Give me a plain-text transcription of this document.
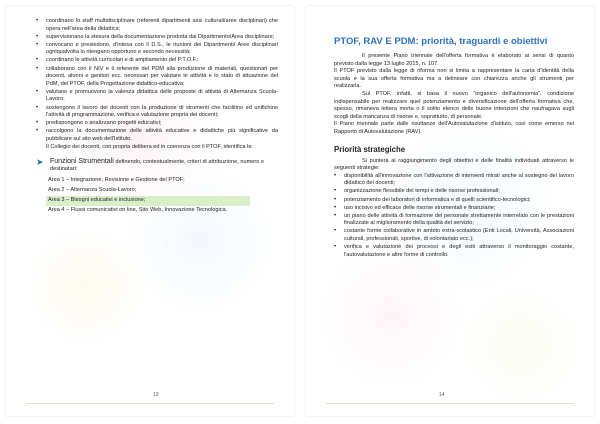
• coordinano lo staff multidisciplinare (referenti dipartimenti assi culturali/aree disciplinari) che opera nell'area della didattica;
• supervisionano la stesura della documentazione prodotta dai Dipartimento/Area disciplinare;
• convocano e presiedono, d'intesa con il D.S., le riunioni dei Dipartimenti/ Aree disciplinari ogniqualvolta lo ritengano opportuno e secondo necessità;
• coordinano le attività curricolari e di ampliamento del P.T.O.F.;
• collaborano con il NIV e il referente del PDM alla produzione di materiali, questionari per docenti, alunni e genitori ecc. necessari per valutare le attività e lo stato di attuazione del PdM, del PTOF, della Progettazione didattico-educativa;
• valutano e promuovono la valenza didattica delle proposte di attività di Alternanza Scuola-Lavoro;
• sostengono il lavoro dei docenti con la produzione di strumenti che facilitino ed unifichino l'attività di programmazione, verifica e valutazione propria dei docenti;
• predispongono o analizzano progetti educativi;
• raccolgono la documentazione delle attività educative e didattiche più significative da pubblicare sul sito web dell'Istituto.

Il Collegio dei docenti, con propria delibera ed in coerenza con il PTOF, identifica le:

➤ Funzioni Strumentali definendo, contestualmente, criteri di attribuzione, numero e destinatari:
Area 1 – Integrazione, Revisione e Gestione del PTOF;
Area 2 – Alternanza Scuola-Lavoro;
Area 3 – Bisogni educativi e inclusione;
Area 4 – Flussi comunicativi on line, Sito Web, Innovazione Tecnologica.
13
PTOF, RAV E PDM: priorità, traguardi e obiettivi

Il presente Piano triennale dell'offerta formativa è elaborato ai sensi di quanto previsto dalla legge 13 luglio 2015, n. 107.

Il PTOF previsto dalla legge di riforma non si limita a rappresentare la carta d'identità della scuola e la sua offerta formativa ma a delineare con chiarezza anche gli strumenti per realizzarla.

Sul PTOF, infatti, si basa il nuovo "organico dell'autonomia", condizione indispensabile per realizzare quel potenziamento e diversificazione dell'offerta formativa che, spesso, rimaneva lettera morta o il solito elenco delle buone intenzioni che naufragava sugli scogli della mancanza di risorse e, soprattutto, di personale.

Il Piano triennale parte dalle risultanze dell'Autovalutazione d'istituto, così come emerso nel Rapporto di Autovalutazione (RAV).

Priorità strategiche

Si punterà al raggiungimento degli obiettivi e delle finalità individuati attraverso le seguenti strategie:

• disponibilità all'innovazione con l'attivazione di interventi mirati anche al sostegno del lavoro didattico dei docenti;
• organizzazione flessibile dei tempi e delle risorse professionali;
• potenziamento dei laboratori di informatica e di quelli scientifico-tecnologici;
• uso incisivo ed efficace delle risorse strumentali e finanziarie;
• un piano delle attività di formazione del personale strettamente interrelato con le prestazioni finalizzate al miglioramento della qualità del servizio;
• costante forme collaborative in ambito extra-scolastico (Enti Locali, Università, Associazioni culturali, professionali, sportive, di volontariato ecc.);
• verifica e valutazione dei processi e degli esiti attraverso il monitoraggio costante, l'autovalutazione e altre forme di controllo.
14
